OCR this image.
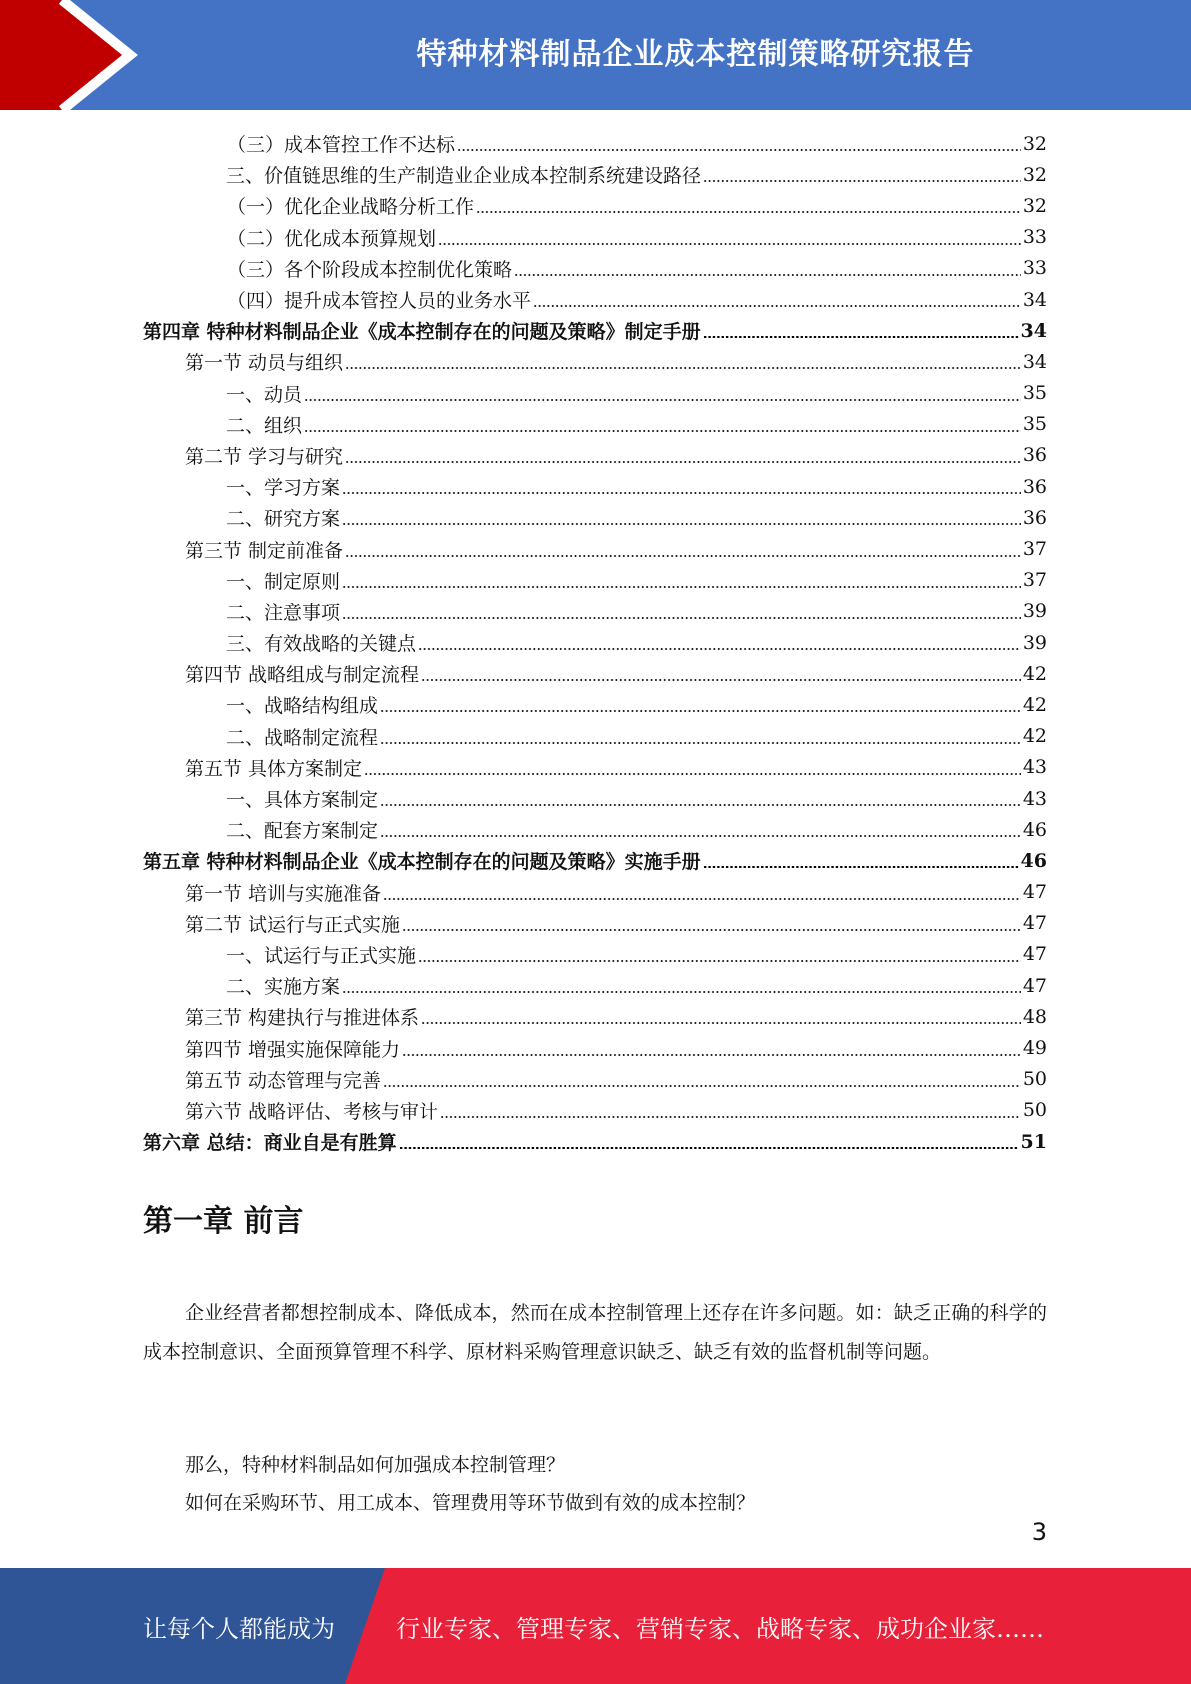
特种材料制品企业成本控制策略研究报告
（三）成本管控工作不达标	32
三、价值链思维的生产制造业企业成本控制系统建设路径	32
（一）优化企业战略分析工作	32
（二）优化成本预算规划	33
（三）各个阶段成本控制优化策略	33
（四）提升成本管控人员的业务水平	34
第四章 特种材料制品企业《成本控制存在的问题及策略》制定手册	34
第一节 动员与组织	34
一、动员	35
二、组织	35
第二节 学习与研究	36
一、学习方案	36
二、研究方案	36
第三节 制定前准备	37
一、制定原则	37
二、注意事项	39
三、有效战略的关键点	39
第四节 战略组成与制定流程	42
一、战略结构组成	42
二、战略制定流程	42
第五节 具体方案制定	43
一、具体方案制定	43
二、配套方案制定	46
第五章 特种材料制品企业《成本控制存在的问题及策略》实施手册	46
第一节 培训与实施准备	47
第二节 试运行与正式实施	47
一、试运行与正式实施	47
二、实施方案	47
第三节 构建执行与推进体系	48
第四节 增强实施保障能力	49
第五节 动态管理与完善	50
第六节 战略评估、考核与审计	50
第六章 总结：商业自是有胜算	51
第一章 前言

企业经营者都想控制成本、降低成本，然而在成本控制管理上还存在许多问题。如：缺乏正确的科学的成本控制意识、全面预算管理不科学、原材料采购管理意识缺乏、缺乏有效的监督机制等问题。

那么，特种材料制品如何加强成本控制管理？

如何在采购环节、用工成本、管理费用等环节做到有效的成本控制？

3
让每个人都能成为	行业专家、管理专家、营销专家、战略专家、成功企业家……
